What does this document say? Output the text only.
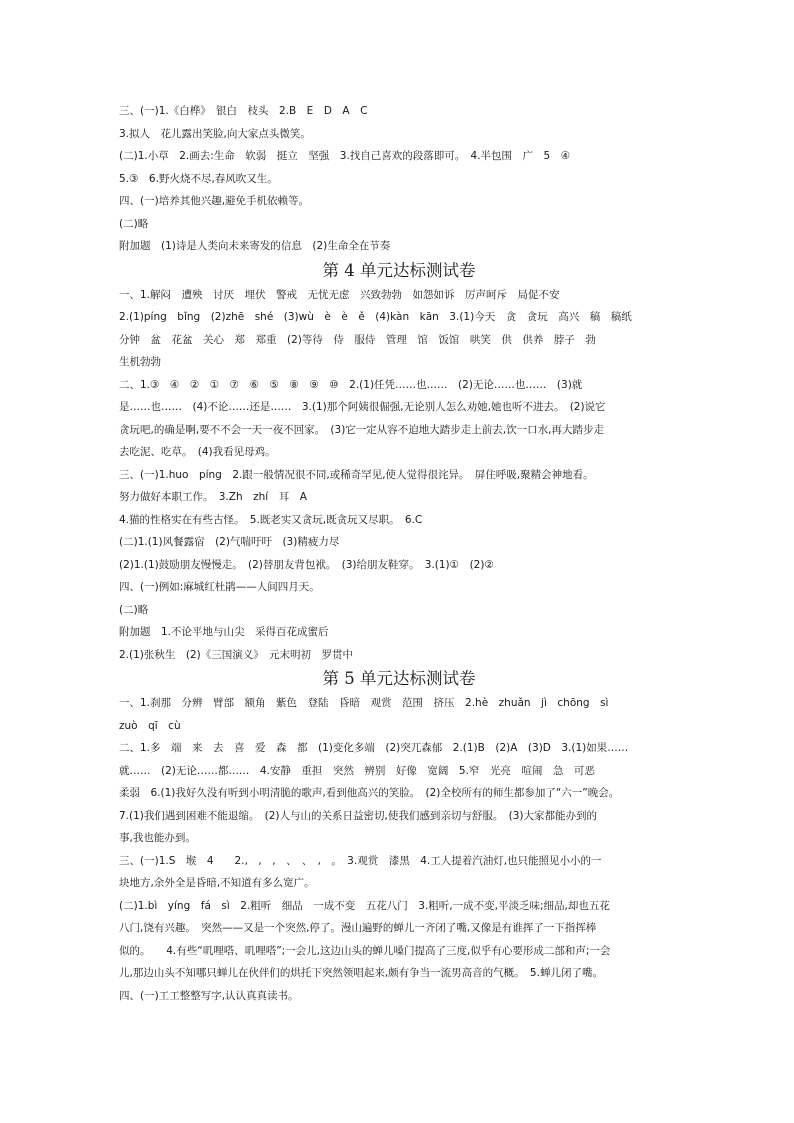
三、(一)1.《白桦》　银白　枝头　2.B　E　D　A　C
3.拟人　花儿露出笑脸,向大家点头微笑。
(二)1.小草　2.画去:生命　软弱　挺立　坚强　3.找自己喜欢的段落即可。　4.半包围　广　5　④
5.③　6.野火烧不尽,春风吹又生。
四、(一)培养其他兴趣,避免手机依赖等。
(二)略
附加题　(1)诗是人类向未来寄发的信息　(2)生命全在节奏
第 4 单元达标测试卷
一、1.解闷　遭殃　讨厌　埋伏　警戒　无忧无虑　兴致勃勃　如怨如诉　厉声呵斥　局促不安
2.(1)píng　bǐng　(2)zhē　shé　(3)wù　è　è　ě　(4)kàn　kān　3.(1)今天　贪　贪玩　高兴　稿　稿纸
分钟　盆　花盆　关心　郑　郑重　(2)等待　侍　服侍　管理　馆　饭馆　哄笑　供　供养　脖子　勃
生机勃勃
二、1.③　④　②　①　⑦　⑥　⑤　⑧　⑨　⑩　2.(1)任凭……也……　(2)无论……也……　(3)就
是……也……　(4)不论……还是……　3.(1)那个阿姨很倔强,无论别人怎么劝她,她也听不进去。　(2)说它
贪玩吧,的确是啊,要不不会一天一夜不回家。　(3)它一定从容不迫地大踏步走上前去,饮一口水,再大踏步走
去吃泥、吃草。　(4)我看见母鸡。
三、(一)1.huo　píng　2.跟一般情况很不同,或稀奇罕见,使人觉得很诧异。　屏住呼吸,聚精会神地看。
努力做好本职工作。　3.Zh　zhí　耳　A
4.猫的性格实在有些古怪。　5.既老实又贪玩,既贪玩又尽职。　6.C
(二)1.(1)风餐露宿　(2)气喘吁吁　(3)精疲力尽
(2)1.(1)鼓励朋友慢慢走。　(2)替朋友背包袱。　(3)给朋友鞋穿。　3.(1)①　(2)②
四、(一)例如:麻城红杜鹃——人间四月天。
(二)略
附加题　1.不论平地与山尖　采得百花成蜜后
2.(1)张秋生　(2)《三国演义》　元末明初　罗贯中
第 5 单元达标测试卷
一、1.刹那　分辨　臂部　额角　紫色　登陆　昏暗　观赏　范围　挤压　2.hè　zhuǎn　jì　chōng　sì
zuò　qī　cù
二、1.多　端　来　去　喜　爱　森　都　(1)变化多端　(2)突兀森郁　2.(1)B　(2)A　(3)D　3.(1)如果……
就……　(2)无论……都……　4.安静　重担　突然　辨别　好像　宽阔　5.窄　光亮　喧闹　急　可恶
柔弱　6.(1)我好久没有听到小明清脆的歌声,看到他高兴的笑脸。　(2)全校所有的师生都参加了“六一”晚会。
7.(1)我们遇到困难不能退缩。　(2)人与山的关系日益密切,使我们感到亲切与舒服。　(3)大家都能办到的
事,我也能办到。
三、(一)1.S　堠　4　　2.,　,　,　、　、　,　。　3.观赏　漆黑　4.工人提着汽油灯,也只能照见小小的一
块地方,余外全是昏暗,不知道有多么宽广。
(二)1.bì　yíng　fá　sì　2.粗听　细品　一成不变　五花八门　3.粗听,一成不变,平淡乏味;细品,却也五花
八门,饶有兴趣。　突然——又是一个突然,停了。漫山遍野的蝉儿一齐闭了嘴,又像是有谁挥了一下指挥棒
似的。　　4.有些“叽哩嗒、叽哩嗒”;一会儿,这边山头的蝉儿嗓门提高了三度,似乎有心要形成二部和声;一会
儿,那边山头不知哪只蝉儿在伙伴们的烘托下突然领唱起来,颇有争当一流男高音的气概。　5.蝉儿闭了嘴。
四、(一)工工整整写字,认认真真读书。
